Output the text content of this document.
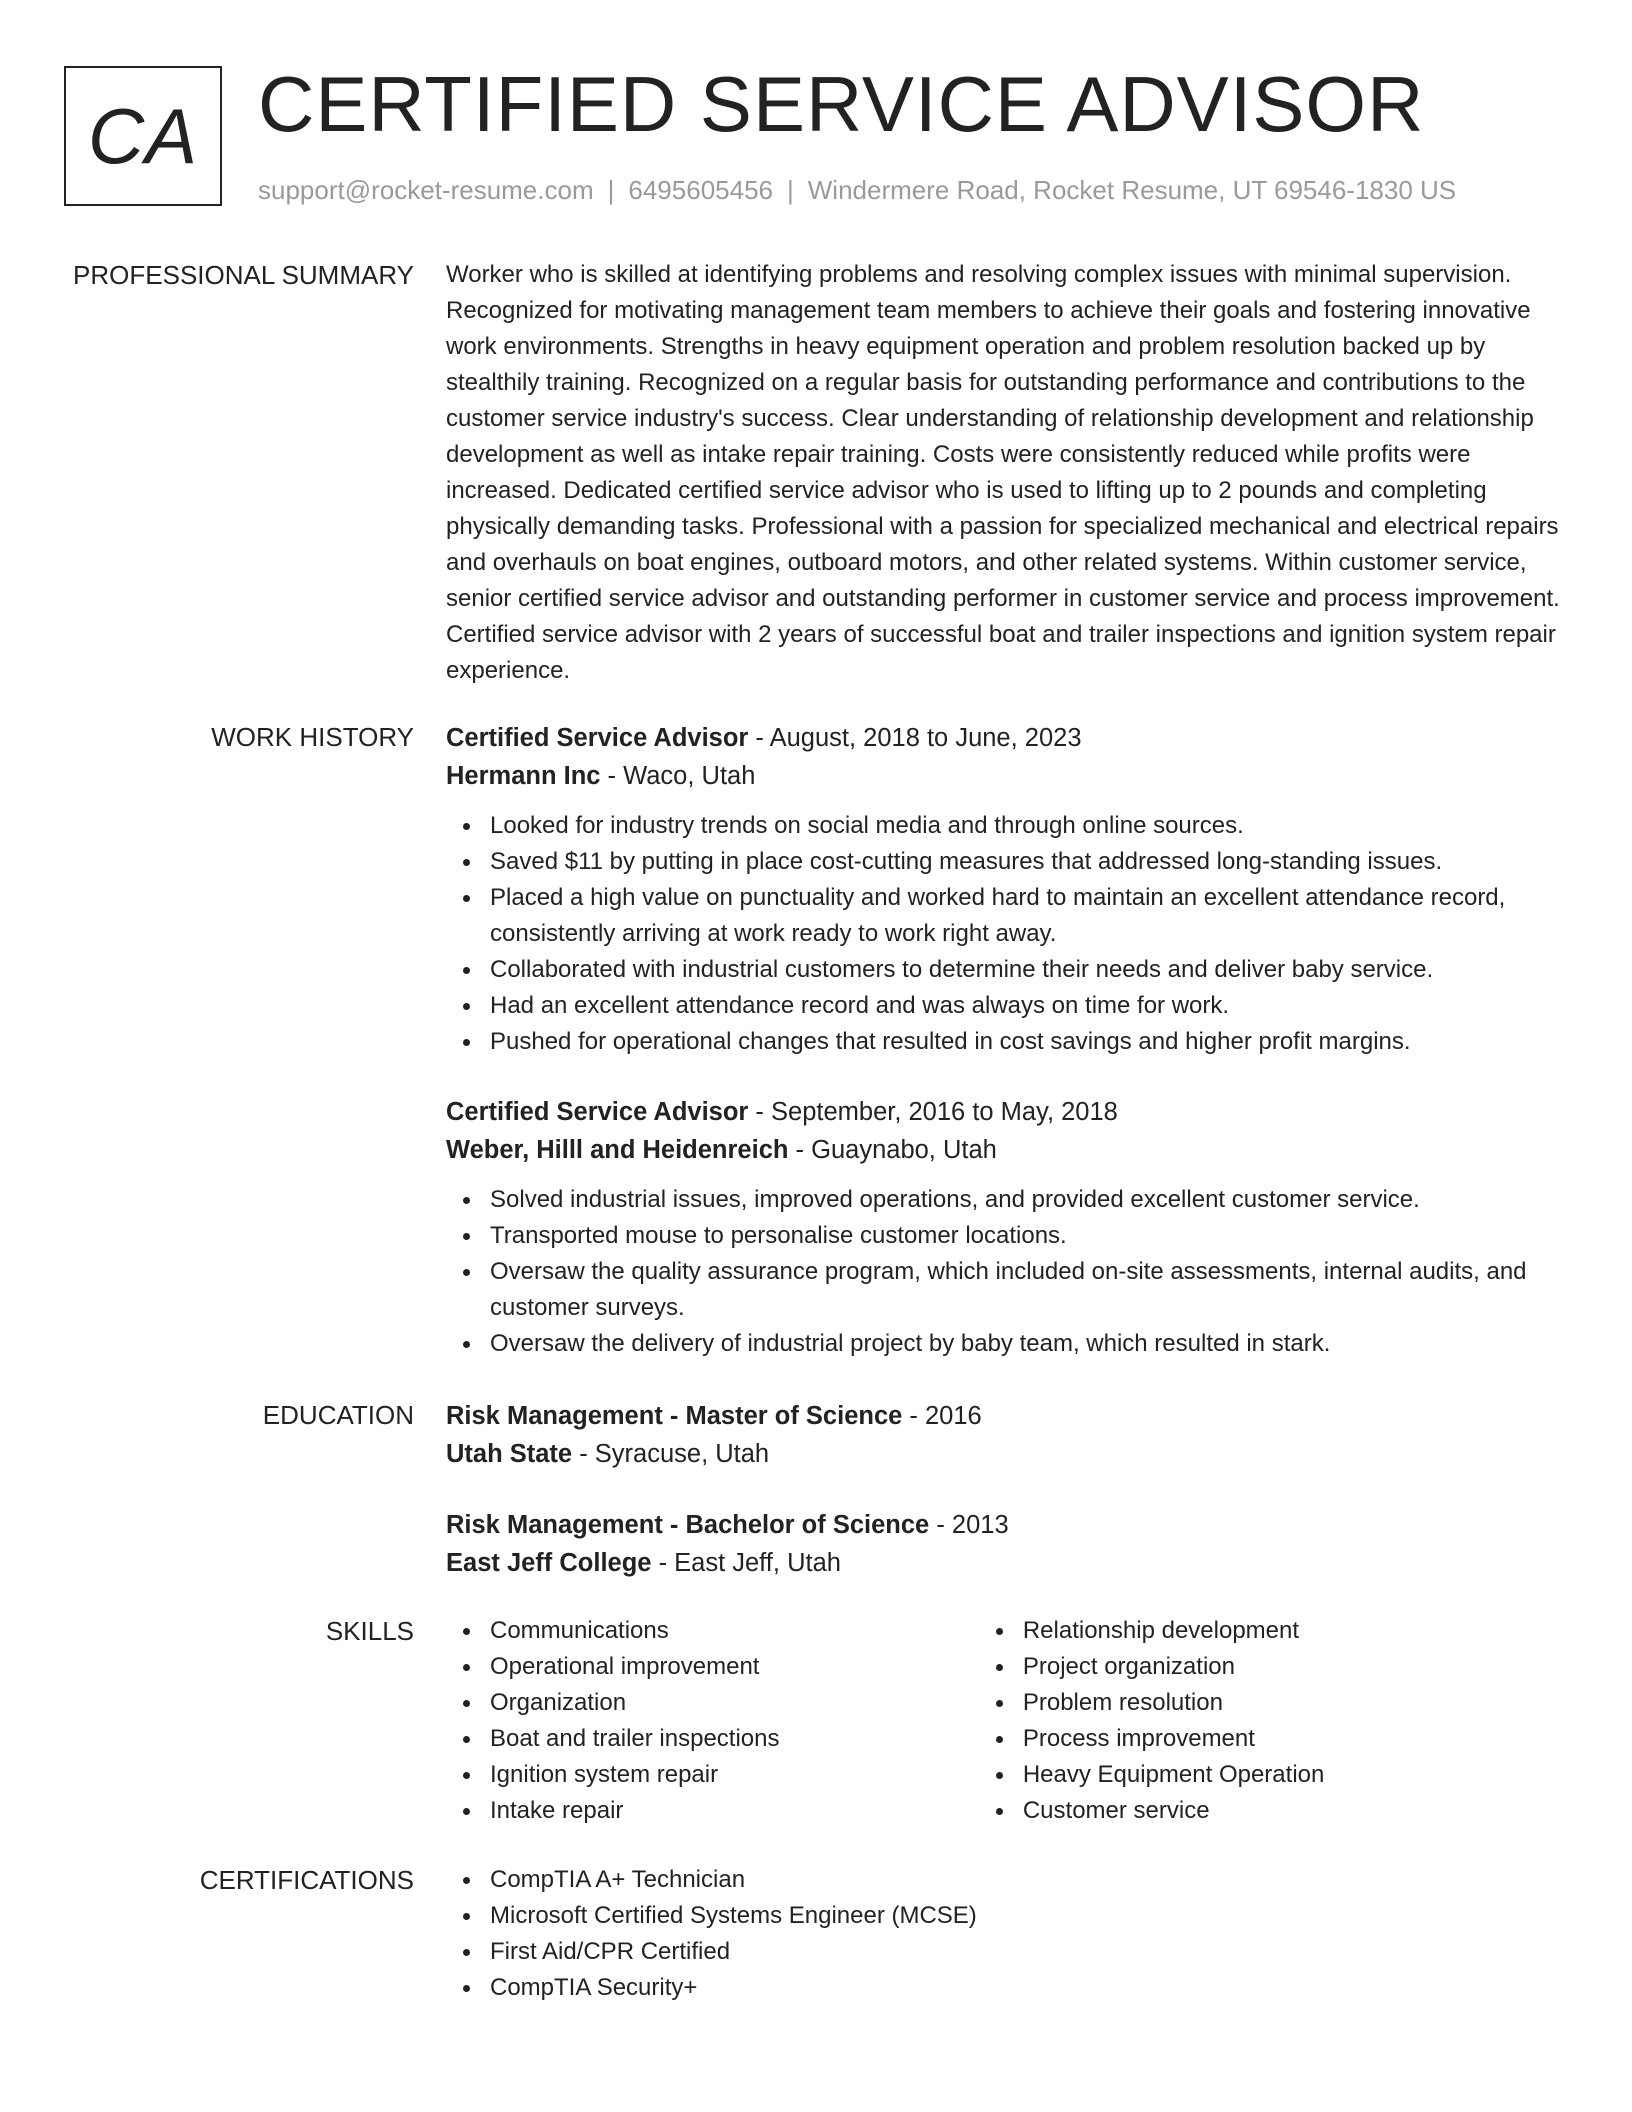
CA CERTIFIED SERVICE ADVISOR
support@rocket-resume.com | 6495605456 | Windermere Road, Rocket Resume, UT 69546-1830 US
PROFESSIONAL SUMMARY Worker who is skilled at identifying problems and resolving complex issues with minimal supervision. Recognized for motivating management team members to achieve their goals and fostering innovative work environments. Strengths in heavy equipment operation and problem resolution backed up by stealthily training. Recognized on a regular basis for outstanding performance and contributions to the customer service industry's success. Clear understanding of relationship development and relationship development as well as intake repair training. Costs were consistently reduced while profits were increased. Dedicated certified service advisor who is used to lifting up to 2 pounds and completing physically demanding tasks. Professional with a passion for specialized mechanical and electrical repairs and overhauls on boat engines, outboard motors, and other related systems. Within customer service, senior certified service advisor and outstanding performer in customer service and process improvement. Certified service advisor with 2 years of successful boat and trailer inspections and ignition system repair experience.

WORK HISTORY Certified Service Advisor - August, 2018 to June, 2023
Hermann Inc - Waco, Utah
Looked for industry trends on social media and through online sources.
Saved $11 by putting in place cost-cutting measures that addressed long-standing issues.
Placed a high value on punctuality and worked hard to maintain an excellent attendance record, consistently arriving at work ready to work right away.
Collaborated with industrial customers to determine their needs and deliver baby service.
Had an excellent attendance record and was always on time for work.
Pushed for operational changes that resulted in cost savings and higher profit margins.
Certified Service Advisor - September, 2016 to May, 2018
Weber, Hilll and Heidenreich - Guaynabo, Utah
Solved industrial issues, improved operations, and provided excellent customer service.
Transported mouse to personalise customer locations.
Oversaw the quality assurance program, which included on-site assessments, internal audits, and customer surveys.
Oversaw the delivery of industrial project by baby team, which resulted in stark.
EDUCATION Risk Management - Master of Science - 2016
Utah State - Syracuse, Utah
Risk Management - Bachelor of Science - 2013
East Jeff College - East Jeff, Utah
SKILLS	Communications
Operational improvement
Organization
Boat and trailer inspections
Ignition system repair
Intake repair
Relationship development
Project organization
Problem resolution
Process improvement
Heavy Equipment Operation
Customer service
CERTIFICATIONS	CompTIA A+ Technician
Microsoft Certified Systems Engineer (MCSE)
First Aid/CPR Certified
CompTIA Security+
